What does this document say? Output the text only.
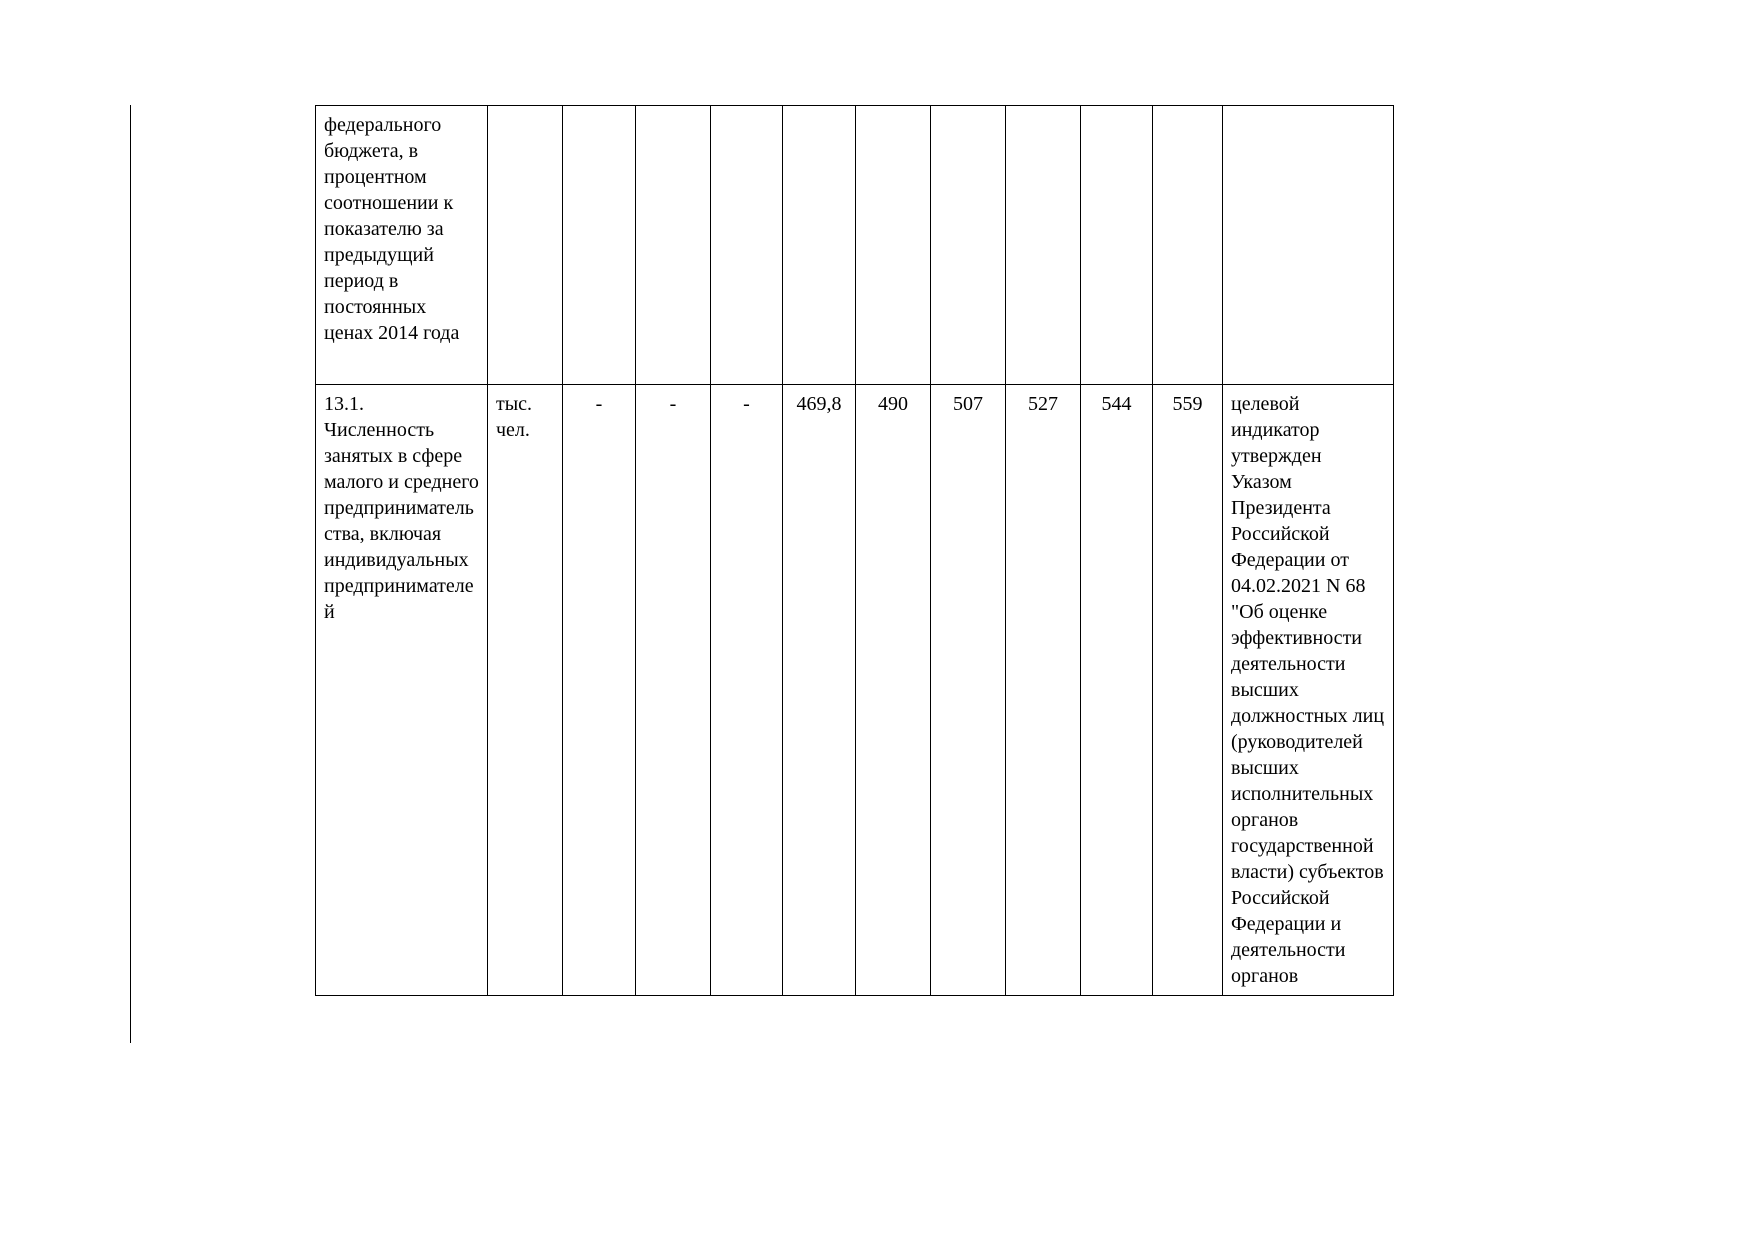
федерального бюджета, в процентном соотношении к показателю за предыдущий период в постоянных ценах 2014 года											
13.1. Численность занятых в сфере малого и среднего предпринимательства, включая индивидуальных предпринимателей	тыс. чел.	-	-	-	469,8	490	507	527	544	559	целевой индикатор утвержден Указом Президента Российской Федерации от 04.02.2021 N 68 "Об оценке эффективности деятельности высших должностных лиц (руководителей высших исполнительных органов государственной власти) субъектов Российской Федерации и деятельности органов
